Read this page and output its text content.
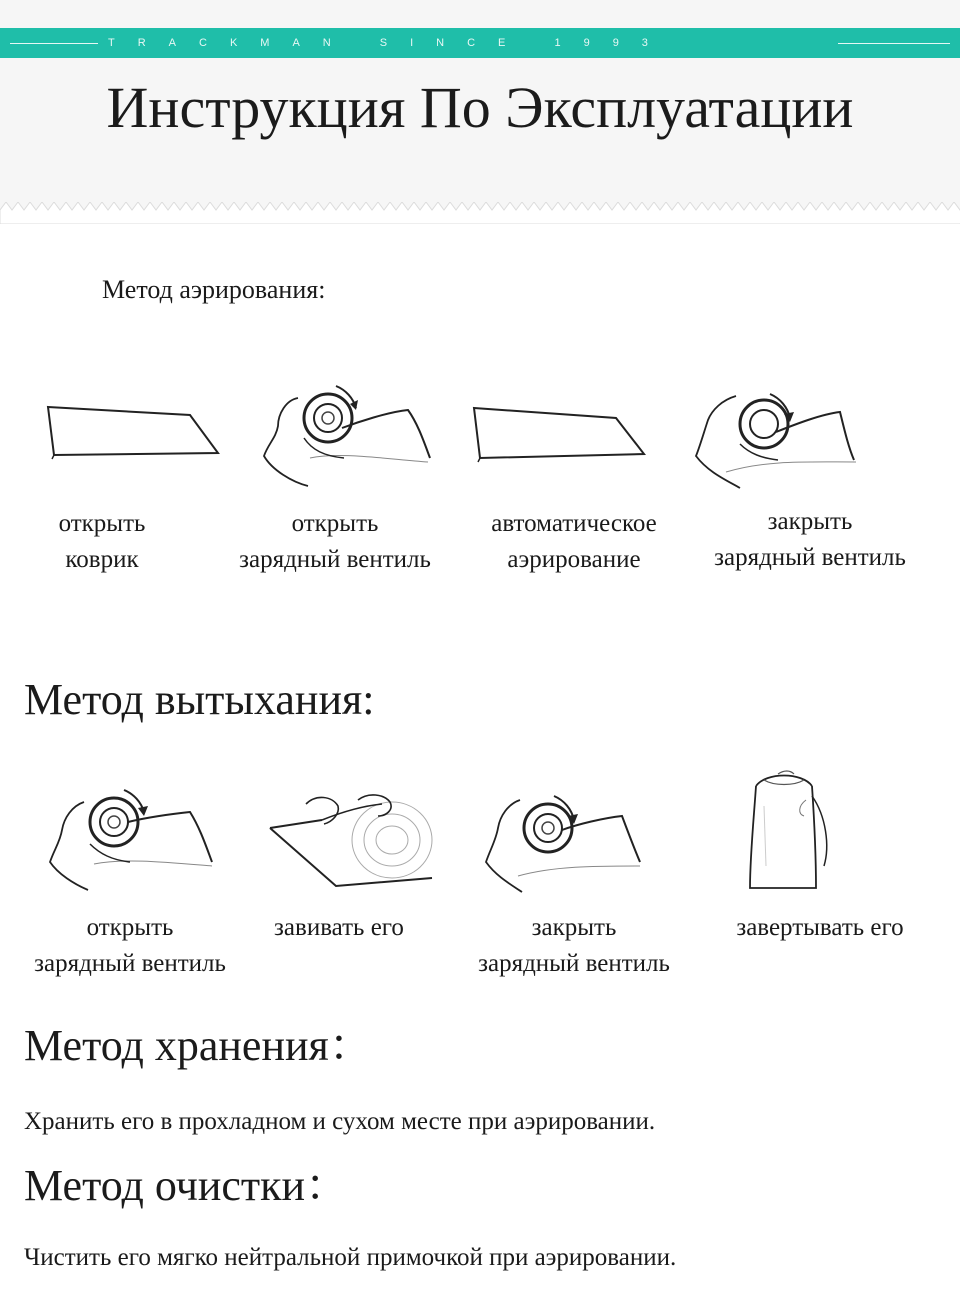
TRACKMAN SINCE 1993
Инструкция По Эксплуатации
Метод аэрирования:
открыть
коврик
открыть
зарядный вентиль
автоматическое
аэрирование
закрыть
зарядный вентиль
Метод вытыхания:
открыть
зарядный вентиль
завивать его	закрыть
зарядный вентиль
завертывать его
Метод хранения：
Хранить его в прохладном и сухом месте при аэрировании.
Метод очистки：
Чистить его мягко нейтральной примочкой при аэрировании.
